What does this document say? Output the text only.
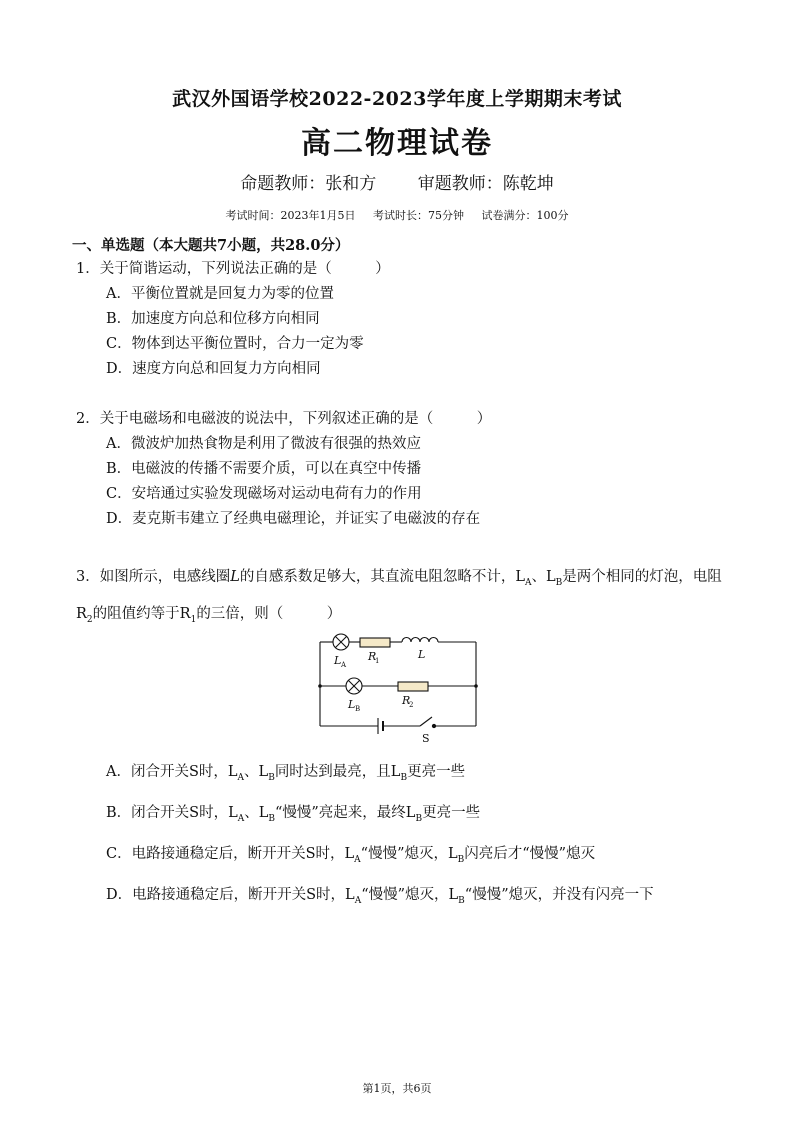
武汉外国语学校2022-2023学年度上学期期末考试
高二物理试卷
命题教师：张和方 审题教师：陈乾坤
考试时间：2023年1月5日 考试时长：75分钟 试卷满分：100分
一、单选题（本大题共7小题，共28.0分）
1．关于简谐运动，下列说法正确的是（　　　）
A．平衡位置就是回复力为零的位置
B．加速度方向总和位移方向相同
C．物体到达平衡位置时，合力一定为零
D．速度方向总和回复力方向相同
2．关于电磁场和电磁波的说法中，下列叙述正确的是（　　　）
A．微波炉加热食物是利用了微波有很强的热效应
B．电磁波的传播不需要介质，可以在真空中传播
C．安培通过实验发现磁场对运动电荷有力的作用
D．麦克斯韦建立了经典电磁理论，并证实了电磁波的存在
3．如图所示，电感线圈L的自感系数足够大，其直流电阻忽略不计，$L_A$、$L_B$是两个相同的灯泡，电阻$R_2$的阻值约等于$R_1$的三倍，则（　　　）
L A
R
1	L
L B
R
2
S
A．闭合开关S时，$L_A$、$L_B$同时达到最亮，且$L_B$更亮一些
B．闭合开关S时，$L_A$、$L_B“$慢慢”亮起来，最终$L_B$更亮一些
C．电路接通稳定后，断开开关S时，$L_A“$慢慢”熄灭，$L_B$闪亮后才“慢慢”熄灭
D．电路接通稳定后，断开开关S时，$L_A“$慢慢”熄灭，$L_B“$慢慢”熄灭，并没有闪亮一下
第1页，共6页
